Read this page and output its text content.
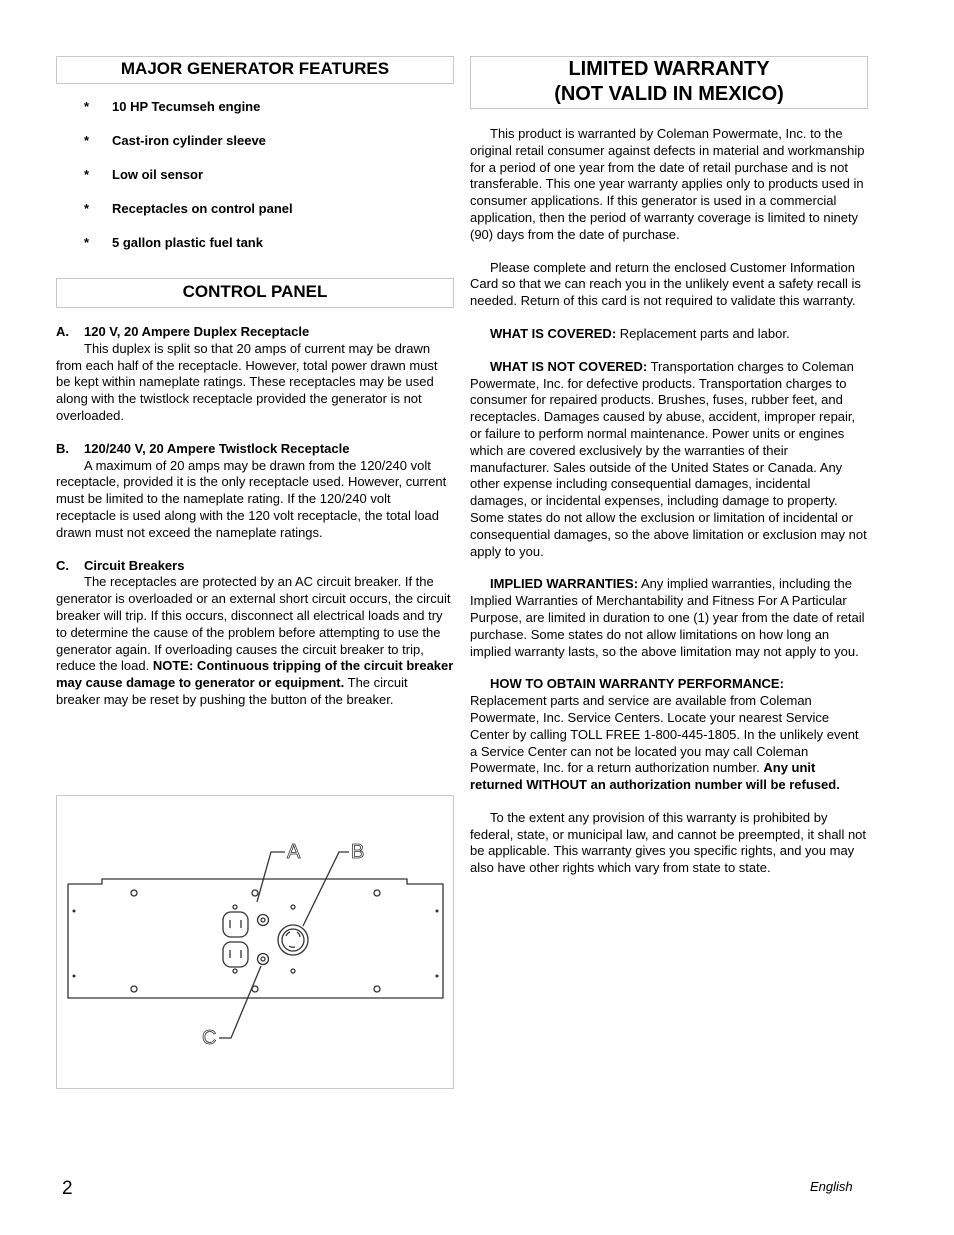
MAJOR GENERATOR FEATURES
* 10 HP Tecumseh engine
* Cast-iron cylinder sleeve
* Low oil sensor
* Receptacles on control panel
* 5 gallon plastic fuel tank
CONTROL PANEL
A. 120 V, 20 Ampere Duplex Receptacle

This duplex is split so that 20 amps of current may be drawn from each half of the receptacle. However, total power drawn must be kept within nameplate ratings. These receptacles may be used along with the twistlock receptacle provided the generator is not overloaded.

B. 120/240 V, 20 Ampere Twistlock Receptacle

A maximum of 20 amps may be drawn from the 120/240 volt receptacle, provided it is the only receptacle used. However, current must be limited to the nameplate rating. If the 120/240 volt receptacle is used along with the 120 volt receptacle, the total load drawn must not exceed the nameplate ratings.

C. Circuit Breakers

The receptacles are protected by an AC circuit breaker. If the generator is overloaded or an external short circuit occurs, the circuit breaker will trip. If this occurs, disconnect all electrical loads and try to determine the cause of the problem before attempting to use the generator again. If overloading causes the circuit breaker to trip, reduce the load. NOTE: Continuous tripping of the circuit breaker may cause damage to generator or equipment. The circuit breaker may be reset by pushing the button of the breaker.

A	B
C
LIMITED WARRANTY
(NOT VALID IN MEXICO)

This product is warranted by Coleman Powermate, Inc. to the original retail consumer against defects in material and workmanship for a period of one year from the date of retail purchase and is not transferable. This one year warranty applies only to products used in consumer applications. If this generator is used in a commercial application, then the period of warranty coverage is limited to ninety (90) days from the date of purchase.

Please complete and return the enclosed Customer Information Card so that we can reach you in the unlikely event a safety recall is needed. Return of this card is not required to validate this warranty.

WHAT IS COVERED: Replacement parts and labor.

WHAT IS NOT COVERED: Transportation charges to Coleman Powermate, Inc. for defective products. Transportation charges to consumer for repaired products. Brushes, fuses, rubber feet, and receptacles. Damages caused by abuse, accident, improper repair, or failure to perform normal maintenance. Power units or engines which are covered exclusively by the warranties of their manufacturer. Sales outside of the United States or Canada. Any other expense including consequential damages, incidental damages, or incidental expenses, including damage to property. Some states do not allow the exclusion or limitation of incidental or consequential damages, so the above limitation or exclusion may not apply to you.

IMPLIED WARRANTIES: Any implied warranties, including the Implied Warranties of Merchantability and Fitness For A Particular Purpose, are limited in duration to one (1) year from the date of retail purchase. Some states do not allow limitations on how long an implied warranty lasts, so the above limitation may not apply to you.

HOW TO OBTAIN WARRANTY PERFORMANCE:

Replacement parts and service are available from Coleman Powermate, Inc. Service Centers. Locate your nearest Service Center by calling TOLL FREE 1-800-445-1805. In the unlikely event a Service Center can not be located you may call Coleman Powermate, Inc. for a return authorization number. Any unit returned WITHOUT an authorization number will be refused.

To the extent any provision of this warranty is prohibited by federal, state, or municipal law, and cannot be preempted, it shall not be applicable. This warranty gives you specific rights, and you may also have other rights which vary from state to state.

2	English
